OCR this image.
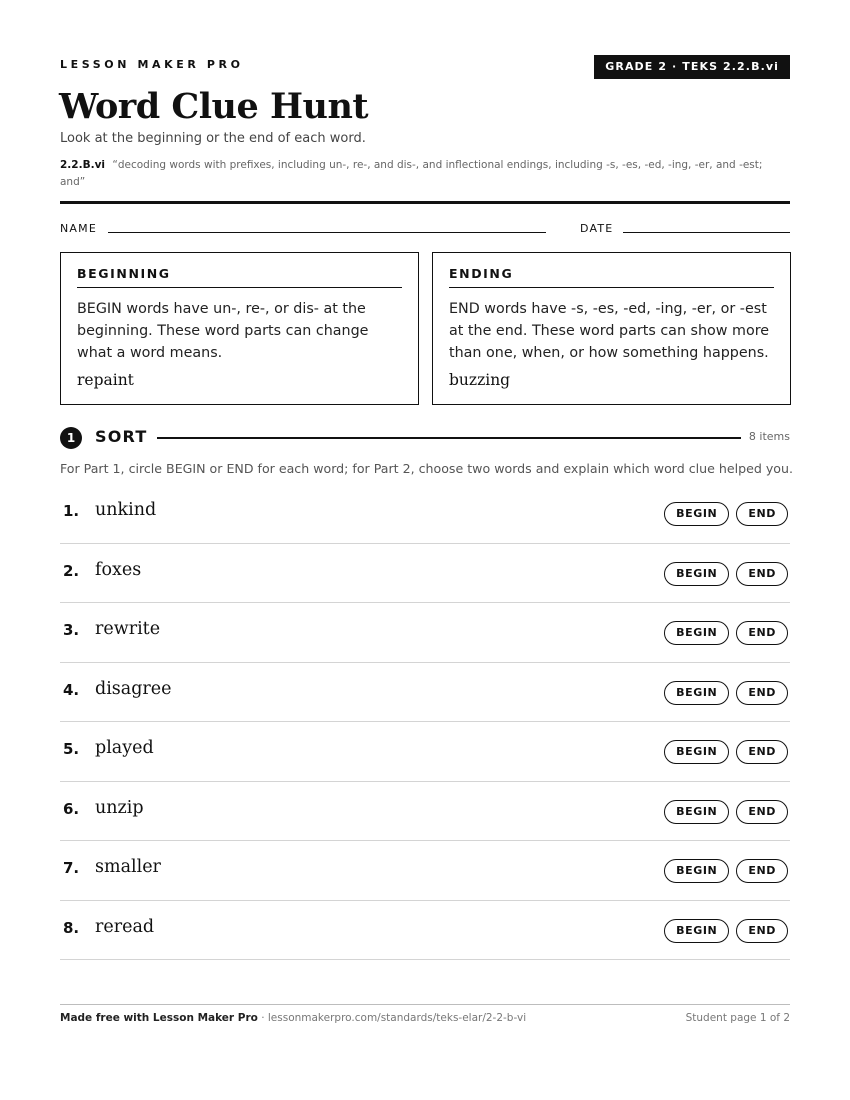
LESSON MAKER PRO	GRADE 2 · TEKS 2.2.B.vi
Word Clue Hunt
Look at the beginning or the end of each word.
2.2.B.vi “decoding words with prefixes, including un-, re-, and dis-, and inflectional endings, including -s, -es, -ed, -ing, -er, and -est; and”
NAME	DATE
BEGINNING
BEGIN words have un-, re-, or dis- at the beginning. These word parts can change what a word means.
repaint
ENDING
END words have -s, -es, -ed, -ing, -er, or -est at the end. These word parts can show more than one, when, or how something happens.
buzzing
1	SORT	8 items
For Part 1, circle BEGIN or END for each word; for Part 2, choose two words and explain which word clue helped you.
1. unkind	BEGIN	END
2. foxes	BEGIN	END
3. rewrite	BEGIN	END
4. disagree	BEGIN	END
5. played	BEGIN	END
6. unzip	BEGIN	END
7. smaller	BEGIN	END
8. reread	BEGIN	END
Made free with Lesson Maker Pro · lessonmakerpro.com/standards/teks-elar/2-2-b-vi	Student page 1 of 2
